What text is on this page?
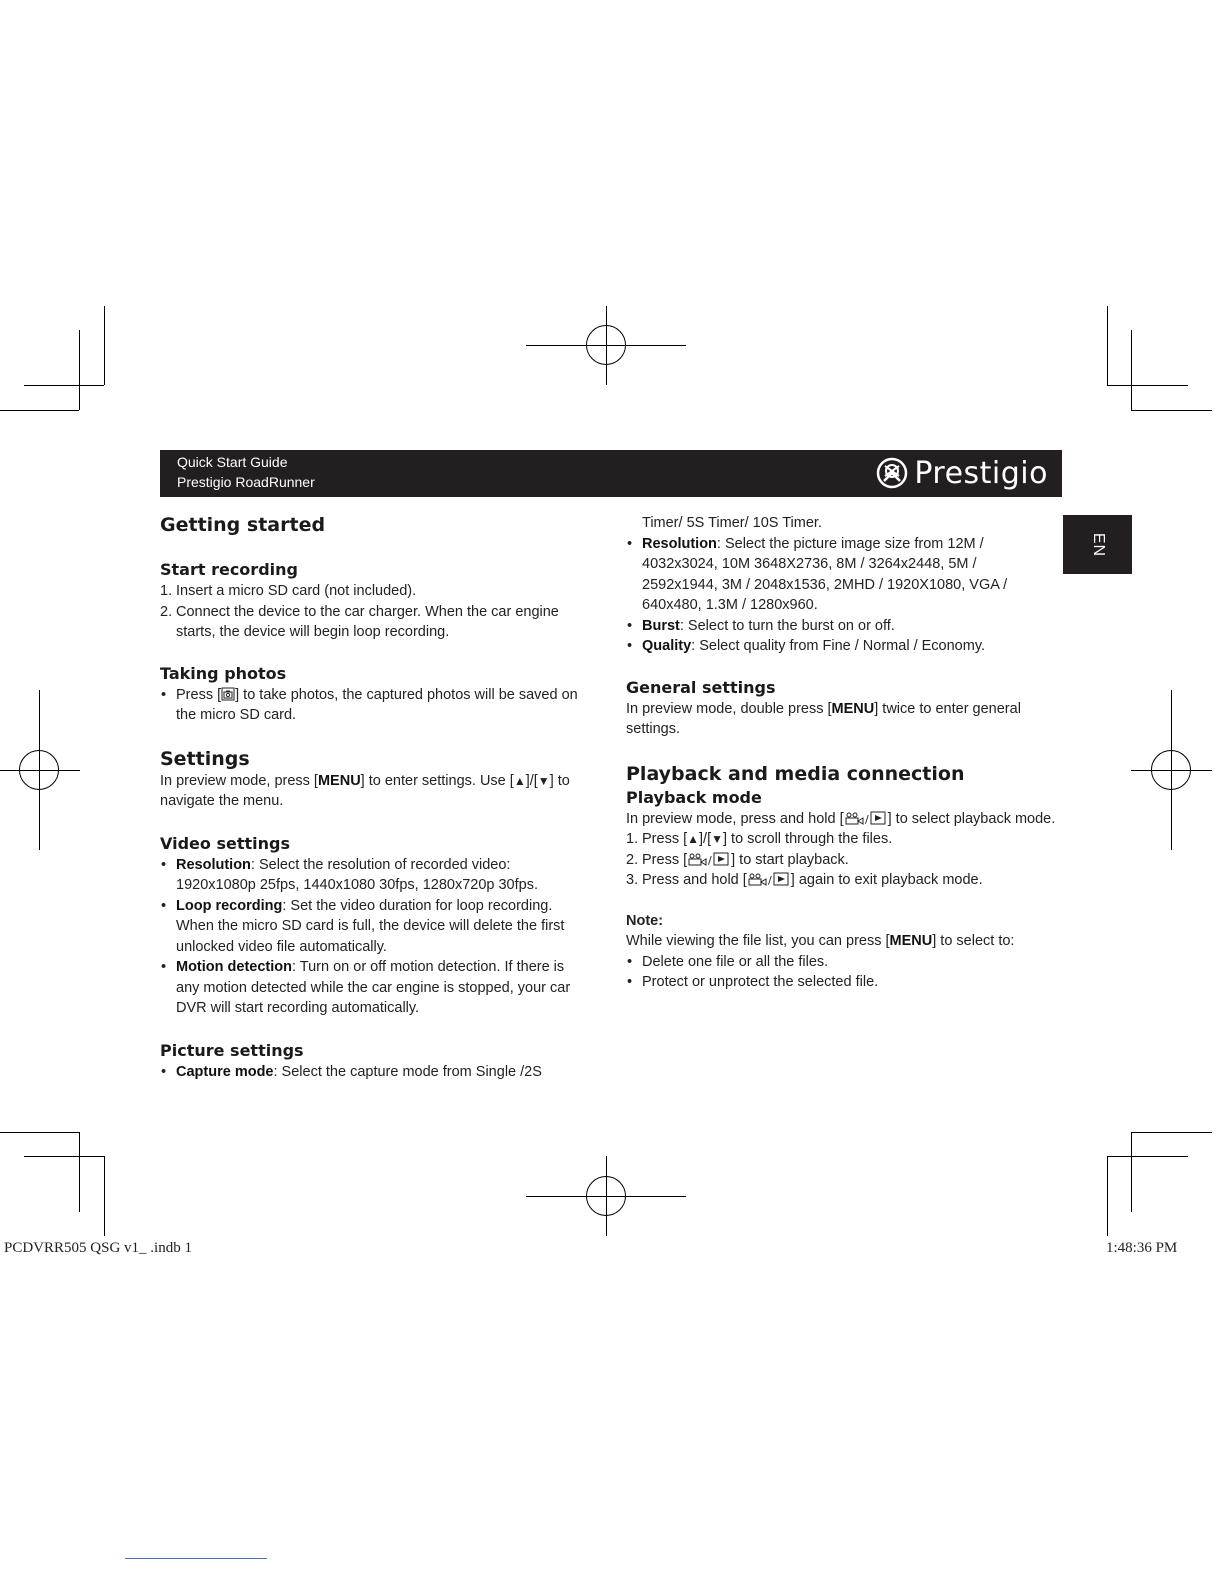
Quick Start Guide
Prestigio RoadRunner	Prestigio
EN
Getting started
Start recording
1. Insert a micro SD card (not included).
2. Connect the device to the car charger. When the car engine starts, the device will begin loop recording.
Taking photos
• Press [ ] to take photos, the captured photos will be saved on the micro SD card.
Settings

In preview mode, press [MENU] to enter settings. Use [▲]/[▼] to navigate the menu.

Video settings
• Resolution: Select the resolution of recorded video: 1920x1080p 25fps, 1440x1080 30fps, 1280x720p 30fps.
• Loop recording: Set the video duration for loop recording. When the micro SD card is full, the device will delete the first unlocked video file automatically.
• Motion detection: Turn on or off motion detection. If there is any motion detected while the car engine is stopped, your car DVR will start recording automatically.
Picture settings
• Capture mode: Select the capture mode from Single /2S

Timer/ 5S Timer/ 10S Timer.

• Resolution: Select the picture image size from 12M / 4032x3024, 10M 3648X2736, 8M / 3264x2448, 5M / 2592x1944, 3M / 2048x1536, 2MHD / 1920X1080, VGA / 640x480, 1.3M / 1280x960.
• Burst: Select to turn the burst on or off.
• Quality: Select quality from Fine / Normal / Economy.
General settings

In preview mode, double press [MENU] twice to enter general settings.

Playback and media connection
Playback mode

In preview mode, press and hold [ / ] to select playback mode.

1. Press [▲]/[▼] to scroll through the files.
2. Press [ / ] to start playback.
3. Press and hold [ / ] again to exit playback mode.

Note:

While viewing the file list, you can press [MENU] to select to:

• Delete one file or all the files.
• Protect or unprotect the selected file.
PCDVRR505 QSG v1_ .indb 1	1:48:36 PM
